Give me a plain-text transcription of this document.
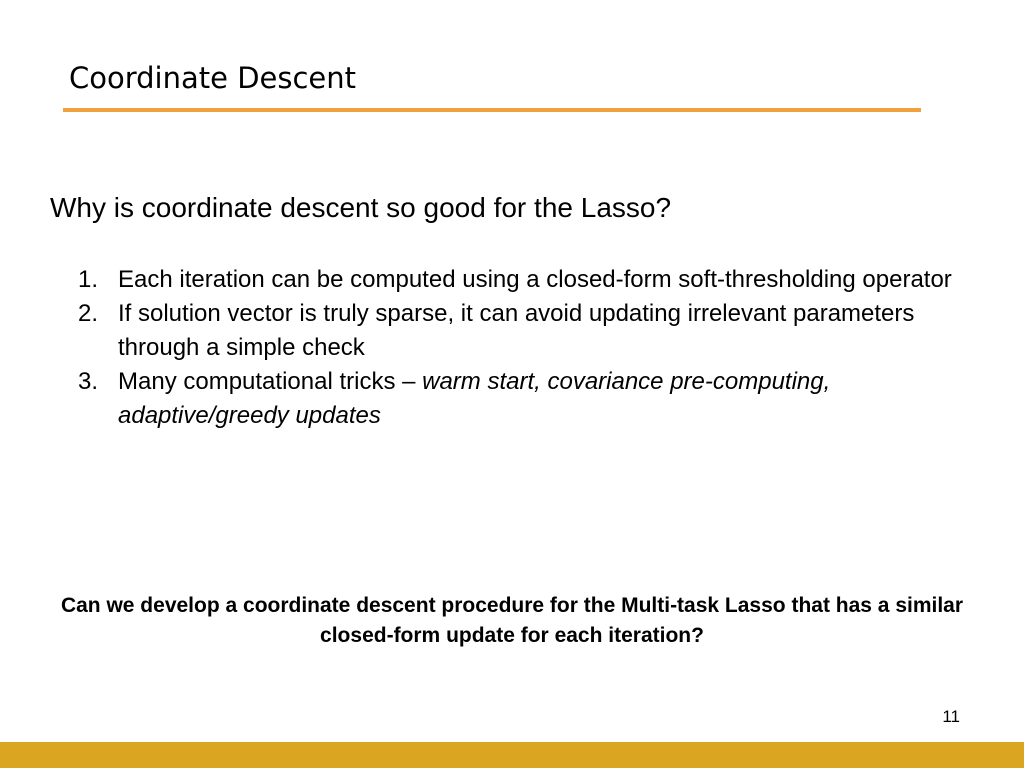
Coordinate Descent
Why is coordinate descent so good for the Lasso?
1. Each iteration can be computed using a closed-form soft-thresholding operator
2. If solution vector is truly sparse, it can avoid updating irrelevant parameters through a simple check
3. Many computational tricks – warm start, covariance pre-computing, adaptive/greedy updates
Can we develop a coordinate descent procedure for the Multi-task Lasso that has a similar closed-form update for each iteration?
11
